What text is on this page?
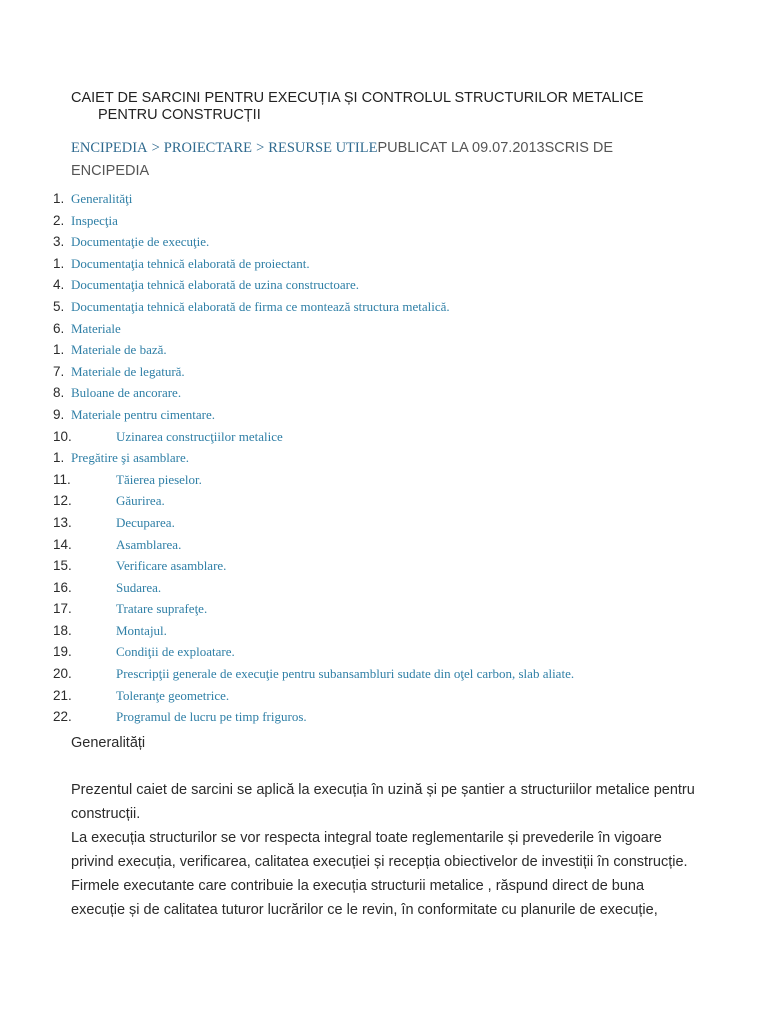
CAIET DE SARCINI PENTRU EXECUȚIA ȘI CONTROLUL STRUCTURILOR METALICE
PENTRU CONSTRUCȚII
ENCIPEDIA > PROIECTARE > RESURSE UTILEPUBLICAT LA 09.07.2013SCRIS DE ENCIPEDIA
1. Generalităţi
2. Inspecţia
3. Documentaţie de execuţie.
1. Documentaţia tehnică elaborată de proiectant.
4. Documentaţia tehnică elaborată de uzina constructoare.
5. Documentaţia tehnică elaborată de firma ce montează structura metalică.
6. Materiale
1. Materiale de bază.
7. Materiale de legatură.
8. Buloane de ancorare.
9. Materiale pentru cimentare.
10.	Uzinarea construcţiilor metalice
1. Pregătire şi asamblare.
11.	Tăierea pieselor.
12.	Găurirea.
13.	Decuparea.
14.	Asamblarea.
15.	Verificare asamblare.
16.	Sudarea.
17.	Tratare suprafeţe.
18.	Montajul.
19.	Condiţii de exploatare.
20.	Prescripţii generale de execuţie pentru subansambluri sudate din oţel carbon, slab aliate.
21.	Toleranţe geometrice.
22.	Programul de lucru pe timp friguros.
Generalități

Prezentul caiet de sarcini se aplică la execuția în uzină și pe șantier a structuriilor metalice pentru construcții.

La execuția structurilor se vor respecta integral toate reglementarile și prevederile în vigoare privind execuția, verificarea, calitatea execuției și recepția obiectivelor de investiții în construcție.

Firmele executante care contribuie la execuția structurii metalice , răspund direct de buna execuție și de calitatea tuturor lucrărilor ce le revin, în conformitate cu planurile de execuție,
